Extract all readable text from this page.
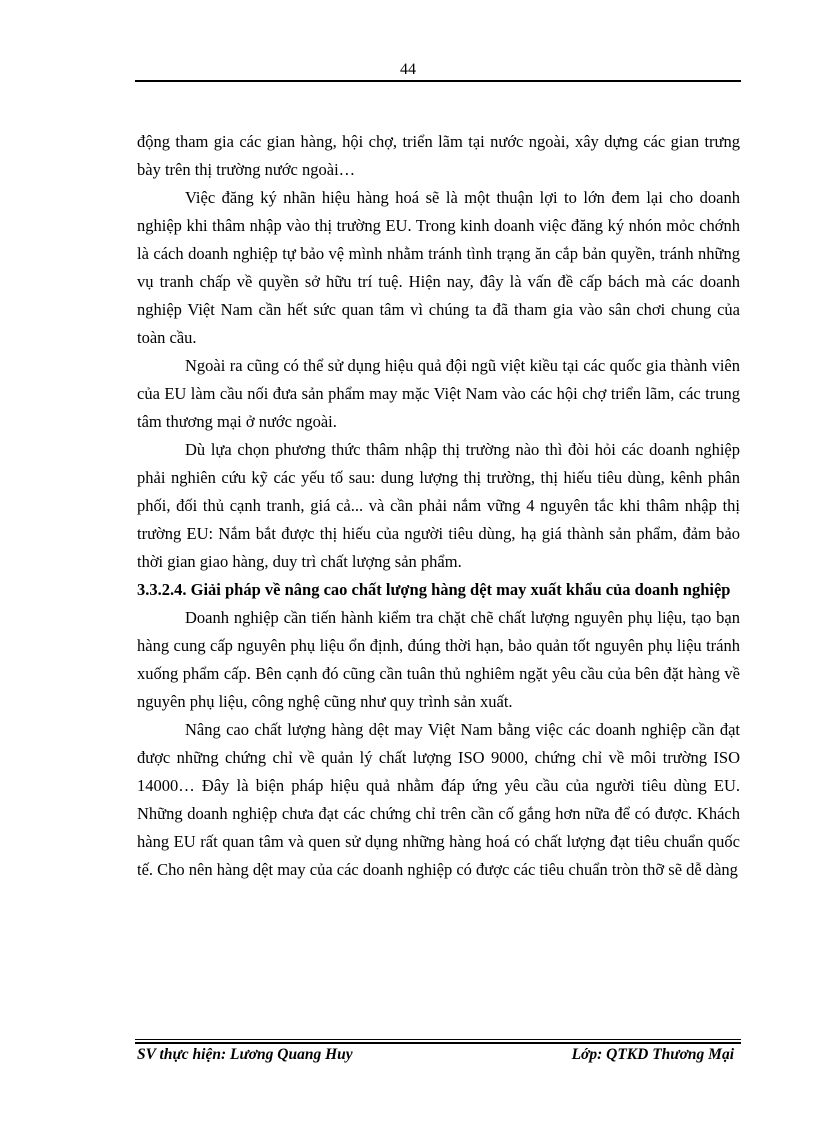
44

động tham gia các gian hàng, hội chợ, triển lãm tại nước ngoài, xây dựng các gian trưng bày trên thị trường nước ngoài…

Việc đăng ký nhãn hiệu hàng hoá sẽ là một thuận lợi to lớn đem lại cho doanh nghiệp khi thâm nhập vào thị trường EU. Trong kinh doanh việc đăng ký nhón mỏc chớnh là cách doanh nghiệp tự bảo vệ mình nhằm tránh tình trạng ăn cắp bản quyền, tránh những vụ tranh chấp về quyền sở hữu trí tuệ. Hiện nay, đây là vấn đề cấp bách mà các doanh nghiệp Việt Nam cần hết sức quan tâm vì chúng ta đã tham gia vào sân chơi chung của toàn cầu.

Ngoài ra cũng có thể sử dụng hiệu quả đội ngũ việt kiều tại các quốc gia thành viên của EU làm cầu nối đưa sản phẩm may mặc Việt Nam vào các hội chợ triển lãm, các trung tâm thương mại ở nước ngoài.

Dù lựa chọn phương thức thâm nhập thị trường nào thì đòi hỏi các doanh nghiệp phải nghiên cứu kỹ các yếu tố sau: dung lượng thị trường, thị hiếu tiêu dùng, kênh phân phối, đối thủ cạnh tranh, giá cả... và cần phải nắm vững 4 nguyên tắc khi thâm nhập thị trường EU: Nắm bắt được thị hiếu của người tiêu dùng, hạ giá thành sản phẩm, đảm bảo thời gian giao hàng, duy trì chất lượng sản phẩm.

3.3.2.4. Giải pháp về nâng cao chất lượng hàng dệt may xuất khẩu của doanh nghiệp

Doanh nghiệp cần tiến hành kiểm tra chặt chẽ chất lượng nguyên phụ liệu, tạo bạn hàng cung cấp nguyên phụ liệu ổn định, đúng thời hạn, bảo quản tốt nguyên phụ liệu tránh xuống phẩm cấp. Bên cạnh đó cũng cần tuân thủ nghiêm ngặt yêu cầu của bên đặt hàng về nguyên phụ liệu, công nghệ cũng như quy trình sản xuất.

Nâng cao chất lượng hàng dệt may Việt Nam bằng việc các doanh nghiệp cần đạt được những chứng chỉ về quản lý chất lượng ISO 9000, chứng chỉ về môi trường ISO 14000… Đây là biện pháp hiệu quả nhằm đáp ứng yêu cầu của người tiêu dùng EU. Những doanh nghiệp chưa đạt các chứng chỉ trên cần cố gắng hơn nữa để có được. Khách hàng EU rất quan tâm và quen sử dụng những hàng hoá có chất lượng đạt tiêu chuẩn quốc tế. Cho nên hàng dệt may của các doanh nghiệp có được các tiêu chuẩn tròn thỡ sẽ dễ dàng

SV thực hiện: Lương Quang Huy	Lớp: QTKD Thương Mại
